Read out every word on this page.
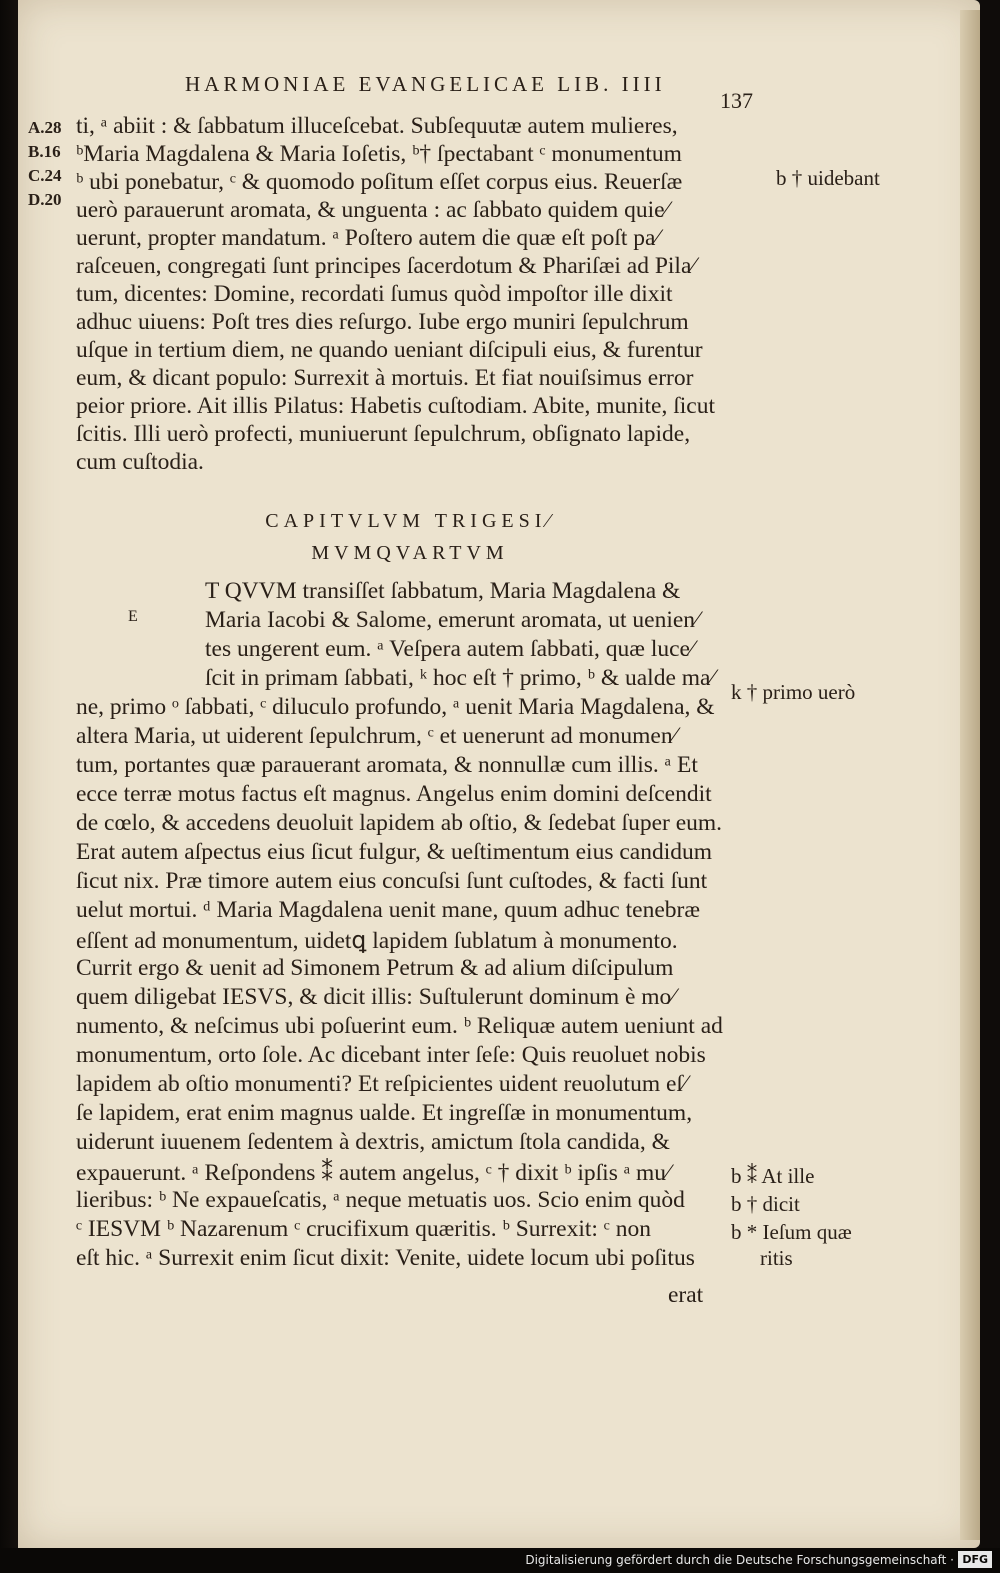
HARMONIAE EVANGELICAE LIB. IIII
137
A.28
B.16
C.24
D.20
ti, ᵃ abiit : & ſabbatum illuceſcebat. Subſequutæ autem mulieres,
ᵇMaria Magdalena & Maria Ioſetis, ᵇ† ſpectabant ᶜ monumentum
ᵇ ubi ponebatur, ᶜ & quomodo poſitum eſſet corpus eius. Reuerſæ
uerò parauerunt aromata, & unguenta : ac ſabbato quidem quie⁄
uerunt, propter mandatum. ᵃ Poſtero autem die quæ eſt poſt pa⁄
raſceuen, congregati ſunt principes ſacerdotum & Phariſæi ad Pila⁄
tum, dicentes: Domine, recordati ſumus quòd impoſtor ille dixit
adhuc uiuens: Poſt tres dies reſurgo. Iube ergo muniri ſepulchrum
uſque in tertium diem, ne quando ueniant diſcipuli eius, & furentur
eum, & dicant populo: Surrexit à mortuis. Et fiat nouiſsimus error
peior priore. Ait illis Pilatus: Habetis cuſtodiam. Abite, munite, ſicut
ſcitis. Illi uerò profecti, muniuerunt ſepulchrum, obſignato lapide,
cum cuſtodia.
CAPITVLVM TRIGESI⁄
MVMQVARTVM
E
T QVVM transiſſet ſabbatum, Maria Magdalena &
Maria Iacobi & Salome, emerunt aromata, ut uenien⁄
tes ungerent eum. ᵃ Veſpera autem ſabbati, quæ luce⁄
ſcit in primam ſabbati, ᵏ hoc eſt † primo, ᵇ & ualde ma⁄
ne, primo ᵒ ſabbati, ᶜ diluculo profundo, ᵃ uenit Maria Magdalena, &
altera Maria, ut uiderent ſepulchrum, ᶜ et uenerunt ad monumen⁄
tum, portantes quæ parauerant aromata, & nonnullæ cum illis. ᵃ Et
ecce terræ motus factus eſt magnus. Angelus enim domini deſcendit
de cœlo, & accedens deuoluit lapidem ab oſtio, & ſedebat ſuper eum.
Erat autem aſpectus eius ſicut fulgur, & ueſtimentum eius candidum
ſicut nix. Præ timore autem eius concuſsi ſunt cuſtodes, & facti ſunt
uelut mortui. ᵈ Maria Magdalena uenit mane, quum adhuc tenebræ
eſſent ad monumentum, uidetꝗ lapidem ſublatum à monumento.
Currit ergo & uenit ad Simonem Petrum & ad alium diſcipulum
quem diligebat IESVS, & dicit illis: Suſtulerunt dominum è mo⁄
numento, & neſcimus ubi poſuerint eum. ᵇ Reliquæ autem ueniunt ad
monumentum, orto ſole. Ac dicebant inter ſeſe: Quis reuoluet nobis
lapidem ab oſtio monumenti? Et reſpicientes uident reuolutum eſ⁄
ſe lapidem, erat enim magnus ualde. Et ingreſſæ in monumentum,
uiderunt iuuenem ſedentem à dextris, amictum ſtola candida, &
expauerunt. ᵃ Reſpondens ⁑ autem angelus, ᶜ † dixit ᵇ ipſis ᵃ mu⁄
lieribus: ᵇ Ne expaueſcatis, ᵃ neque metuatis uos. Scio enim quòd
ᶜ IESVM ᵇ Nazarenum ᶜ crucifixum quæritis. ᵇ Surrexit: ᶜ non
eſt hic. ᵃ Surrexit enim ſicut dixit: Venite, uidete locum ubi poſitus
erat
b † uidebant
k † primo uerò
b ⁑ At ille
b † dicit
b * Ieſum quæ
ritis
Digitalisierung gefördert durch die Deutsche Forschungsgemeinschaft · DFG
